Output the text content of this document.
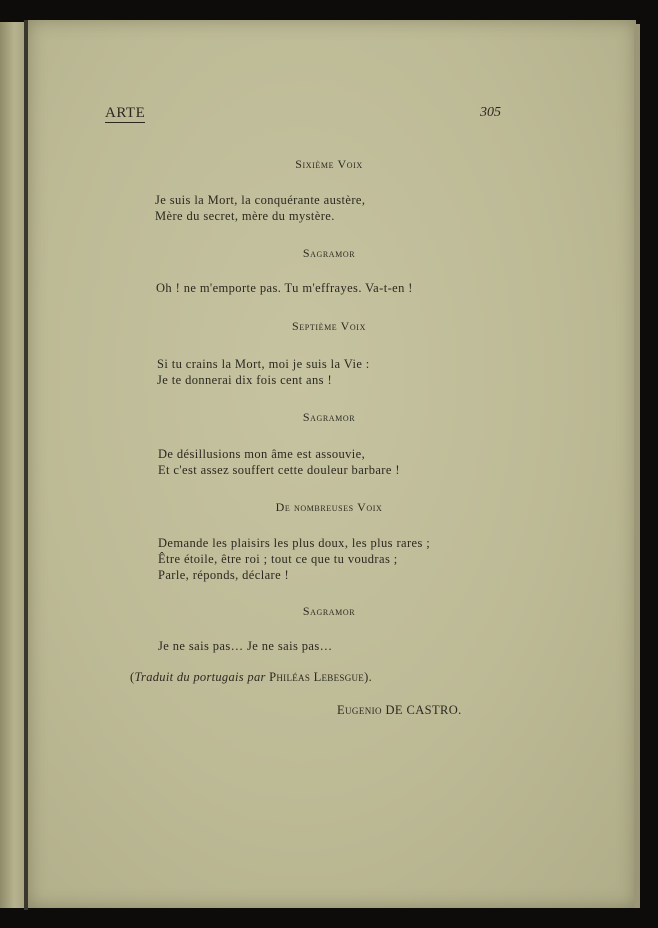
ARTE	305
Sixième Voix
Je suis la Mort, la conquérante austère,
Mère du secret, mère du mystère.
Sagramor
Oh ! ne m'emporte pas. Tu m'effrayes. Va-t-en !
Septième Voix
Si tu crains la Mort, moi je suis la Vie :
Je te donnerai dix fois cent ans !
Sagramor
De désillusions mon âme est assouvie,
Et c'est assez souffert cette douleur barbare !
De nombreuses Voix
Demande les plaisirs les plus doux, les plus rares ;
Être étoile, être roi ; tout ce que tu voudras ;
Parle, réponds, déclare !
Sagramor
Je ne sais pas… Je ne sais pas…
(Traduit du portugais par Philéas Lebesgue).
Eugenio DE CASTRO.
